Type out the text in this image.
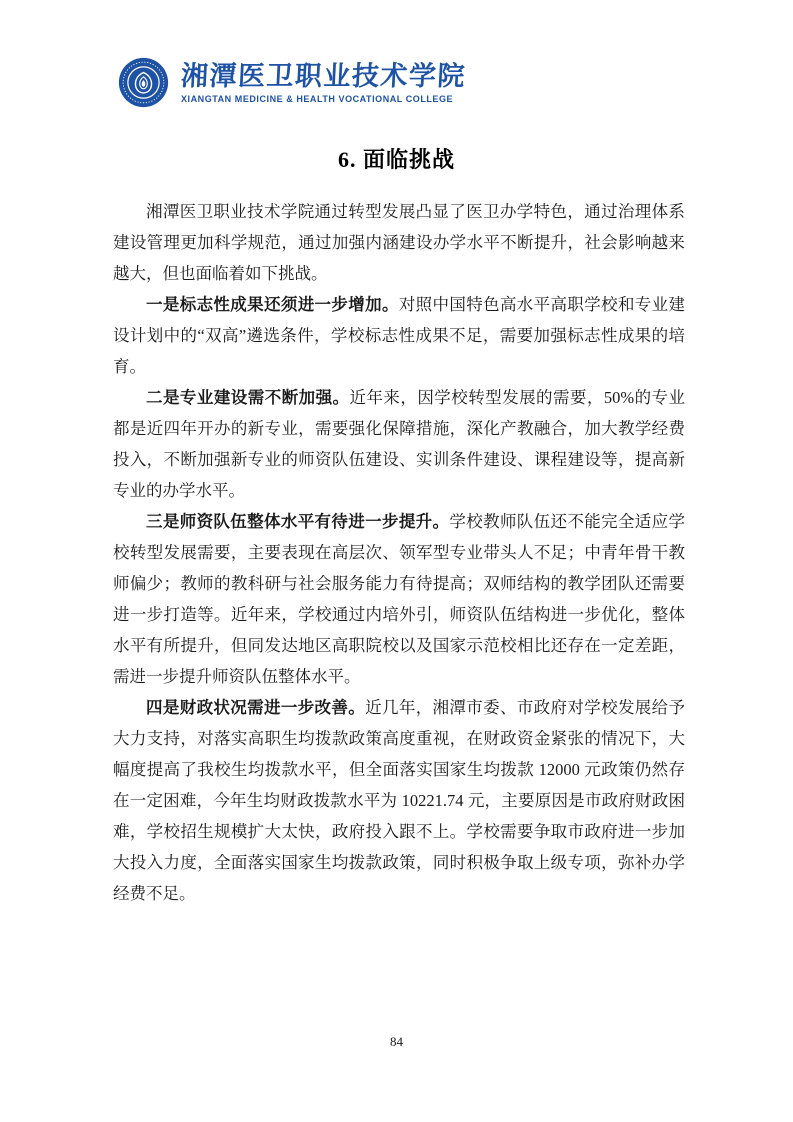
湘潭医卫职业技术学院
XIANGTAN MEDICINE & HEALTH VOCATIONAL COLLEGE
6. 面临挑战

湘潭医卫职业技术学院通过转型发展凸显了医卫办学特色，通过治理体系建设管理更加科学规范，通过加强内涵建设办学水平不断提升，社会影响越来越大，但也面临着如下挑战。

一是标志性成果还须进一步增加。对照中国特色高水平高职学校和专业建设计划中的“双高”遴选条件，学校标志性成果不足，需要加强标志性成果的培育。

二是专业建设需不断加强。近年来，因学校转型发展的需要，50%的专业都是近四年开办的新专业，需要强化保障措施，深化产教融合，加大教学经费投入，不断加强新专业的师资队伍建设、实训条件建设、课程建设等，提高新专业的办学水平。

三是师资队伍整体水平有待进一步提升。学校教师队伍还不能完全适应学校转型发展需要，主要表现在高层次、领军型专业带头人不足；中青年骨干教师偏少；教师的教科研与社会服务能力有待提高；双师结构的教学团队还需要进一步打造等。近年来，学校通过内培外引，师资队伍结构进一步优化，整体水平有所提升，但同发达地区高职院校以及国家示范校相比还存在一定差距，需进一步提升师资队伍整体水平。

四是财政状况需进一步改善。近几年，湘潭市委、市政府对学校发展给予大力支持，对落实高职生均拨款政策高度重视，在财政资金紧张的情况下，大幅度提高了我校生均拨款水平，但全面落实国家生均拨款 12000 元政策仍然存在一定困难，今年生均财政拨款水平为 10221.74 元，主要原因是市政府财政困难，学校招生规模扩大太快，政府投入跟不上。学校需要争取市政府进一步加大投入力度，全面落实国家生均拨款政策，同时积极争取上级专项，弥补办学经费不足。

84
